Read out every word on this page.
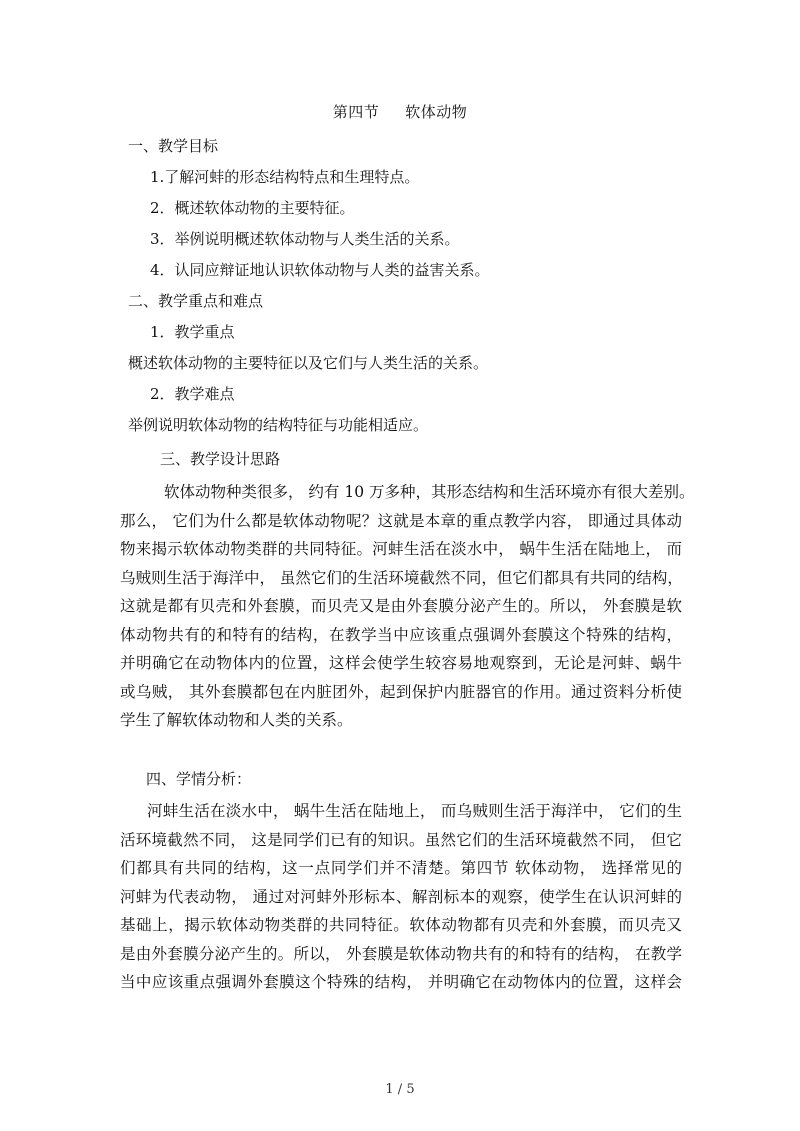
第四节 软体动物
一、教学目标
1.了解河蚌的形态结构特点和生理特点。
2．概述软体动物的主要特征。
3．举例说明概述软体动物与人类生活的关系。
4．认同应辩证地认识软体动物与人类的益害关系。
二、教学重点和难点
1．教学重点
概述软体动物的主要特征以及它们与人类生活的关系。
2．教学难点
举例说明软体动物的结构特征与功能相适应。
三、教学设计思路
软体动物种类很多， 约有 10 万多种，其形态结构和生活环境亦有很大差别。
那么， 它们为什么都是软体动物呢？这就是本章的重点教学内容， 即通过具体动
物来揭示软体动物类群的共同特征。河蚌生活在淡水中， 蜗牛生活在陆地上， 而
乌贼则生活于海洋中， 虽然它们的生活环境截然不同，但它们都具有共同的结构，
这就是都有贝壳和外套膜，而贝壳又是由外套膜分泌产生的。所以， 外套膜是软
体动物共有的和特有的结构，在教学当中应该重点强调外套膜这个特殊的结构，
并明确它在动物体内的位置，这样会使学生较容易地观察到，无论是河蚌、蜗牛
或乌贼， 其外套膜都包在内脏团外，起到保护内脏器官的作用。通过资料分析使
学生了解软体动物和人类的关系。
四、学情分析：
河蚌生活在淡水中， 蜗牛生活在陆地上， 而乌贼则生活于海洋中， 它们的生
活环境截然不同， 这是同学们已有的知识。虽然它们的生活环境截然不同， 但它
们都具有共同的结构，这一点同学们并不清楚。第四节 软体动物， 选择常见的
河蚌为代表动物， 通过对河蚌外形标本、解剖标本的观察，使学生在认识河蚌的
基础上，揭示软体动物类群的共同特征。软体动物都有贝壳和外套膜，而贝壳又
是由外套膜分泌产生的。所以， 外套膜是软体动物共有的和特有的结构， 在教学
当中应该重点强调外套膜这个特殊的结构， 并明确它在动物体内的位置，这样会
1 / 5
